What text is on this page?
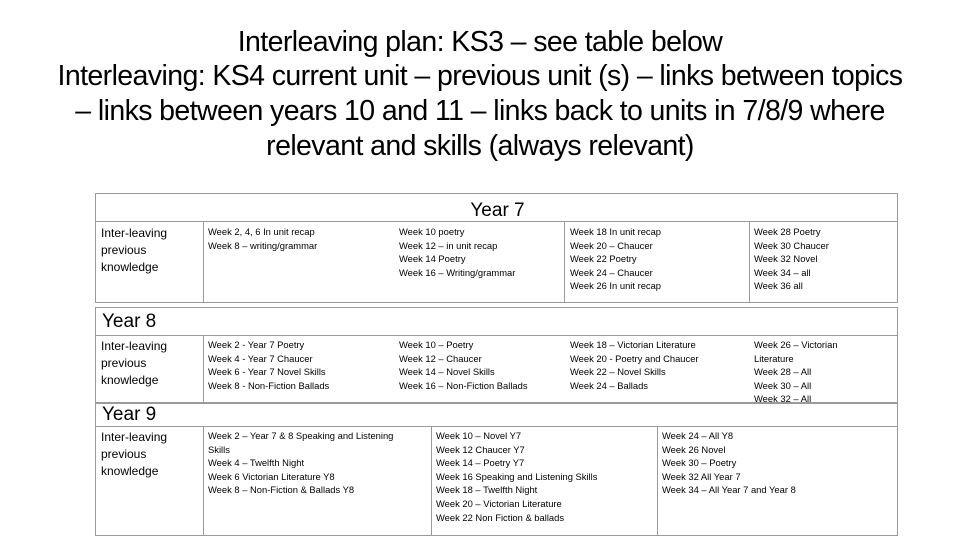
Interleaving plan: KS3 – see table below
Interleaving: KS4 current unit – previous unit (s) – links between topics
– links between years 10 and 11 – links back to units in 7/8/9 where
relevant and skills (always relevant)
Year 7
Inter-leaving
previous
knowledge
Week 2, 4, 6 In unit recap
Week 8 – writing/grammar
Week 10 poetry
Week 12 – in unit recap
Week 14 Poetry
Week 16 – Writing/grammar
Week 18 In unit recap
Week 20 – Chaucer
Week 22 Poetry
Week 24 – Chaucer
Week 26 In unit recap
Week 28 Poetry
Week 30 Chaucer
Week 32 Novel
Week 34 – all
Week 36 all
Year 8
Inter-leaving
previous
knowledge
Week 2 - Year 7 Poetry
Week 4 - Year 7 Chaucer
Week 6 - Year 7 Novel Skills
Week 8 - Non-Fiction Ballads
Week 10 – Poetry
Week 12 – Chaucer
Week 14 – Novel Skills
Week 16 – Non-Fiction Ballads
Week 18 – Victorian Literature
Week 20 - Poetry and Chaucer
Week 22 – Novel Skills
Week 24 – Ballads
Week 26 – Victorian
Literature
Week 28 – All
Week 30 – All
Week 32 – All
Year 9
Inter-leaving
previous
knowledge
Week 2 – Year 7 & 8 Speaking and Listening
Skills
Week 4 – Twelfth Night
Week 6 Victorian Literature Y8
Week 8 – Non-Fiction & Ballads Y8
Week 10 – Novel Y7
Week 12 Chaucer Y7
Week 14 – Poetry Y7
Week 16 Speaking and Listening Skills
Week 18 – Twelfth Night
Week 20 – Victorian Literature
Week 22 Non Fiction & ballads
Week 24 – All Y8
Week 26 Novel
Week 30 – Poetry
Week 32 All Year 7
Week 34 – All Year 7 and Year 8
